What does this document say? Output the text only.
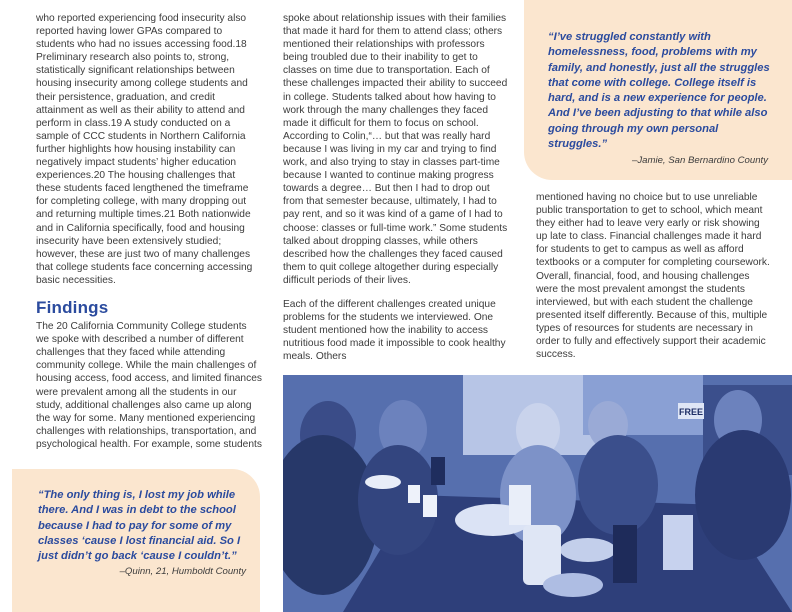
“I’ve struggled constantly with homelessness, food, problems with my family, and honestly, just all the struggles that come with college. College itself is hard, and is a new experience for people. And I’ve been adjusting to that while also going through my own personal struggles.”
–Jamie, San Bernardino County

who reported experiencing food insecurity also reported having lower GPAs compared to students who had no issues accessing food.18 Preliminary research also points to, strong, statistically significant relationships between housing insecurity among college students and their persistence, graduation, and credit attainment as well as their ability to attend and perform in class.19 A study conducted on a sample of CCC students in Northern California further highlights how housing instability can negatively impact students’ higher education experiences.20 The housing challenges that these students faced lengthened the timeframe for completing college, with many dropping out and returning multiple times.21 Both nationwide and in California specifically, food and housing insecurity have been extensively studied; however, these are just two of many challenges that college students face concerning accessing basic necessities.

Findings

The 20 California Community College students we spoke with described a number of different challenges that they faced while attending community college. While the main challenges of housing access, food access, and limited finances were prevalent among all the students in our study, additional challenges also came up along the way for some. Many mentioned experiencing challenges with relationships, transportation, and psychological health. For example, some students

spoke about relationship issues with their families that made it hard for them to attend class; others mentioned their relationships with professors being troubled due to their inability to get to classes on time due to transportation. Each of these challenges impacted their ability to succeed in college. Students talked about how having to work through the many challenges they faced made it difficult for them to focus on school. According to Colin,“… but that was really hard because I was living in my car and trying to find work, and also trying to stay in classes part-time because I wanted to continue making progress towards a degree… But then I had to drop out from that semester because, ultimately, I had to pay rent, and so it was kind of a game of I had to choose: classes or full-time work.” Some students talked about dropping classes, while others described how the challenges they faced caused them to quit college altogether during especially difficult periods of their lives.

Each of the different challenges created unique problems for the students we interviewed. One student mentioned how the inability to access nutritious food made it impossible to cook healthy meals. Others

mentioned having no choice but to use unreliable public transportation to get to school, which meant they either had to leave very early or risk showing up late to class. Financial challenges made it hard for students to get to campus as well as afford textbooks or a computer for completing coursework. Overall, financial, food, and housing challenges were the most prevalent amongst the students interviewed, but with each student the challenge presented itself differently. Because of this, multiple types of resources for students are necessary in order to fully and effectively support their academic success.

“The only thing is, I lost my job while there. And I was in debt to the school because I had to pay for some of my classes ‘cause I lost financial aid. So I just didn’t go back ‘cause I couldn’t.”
–Quinn, 21, Humboldt County
FREE
